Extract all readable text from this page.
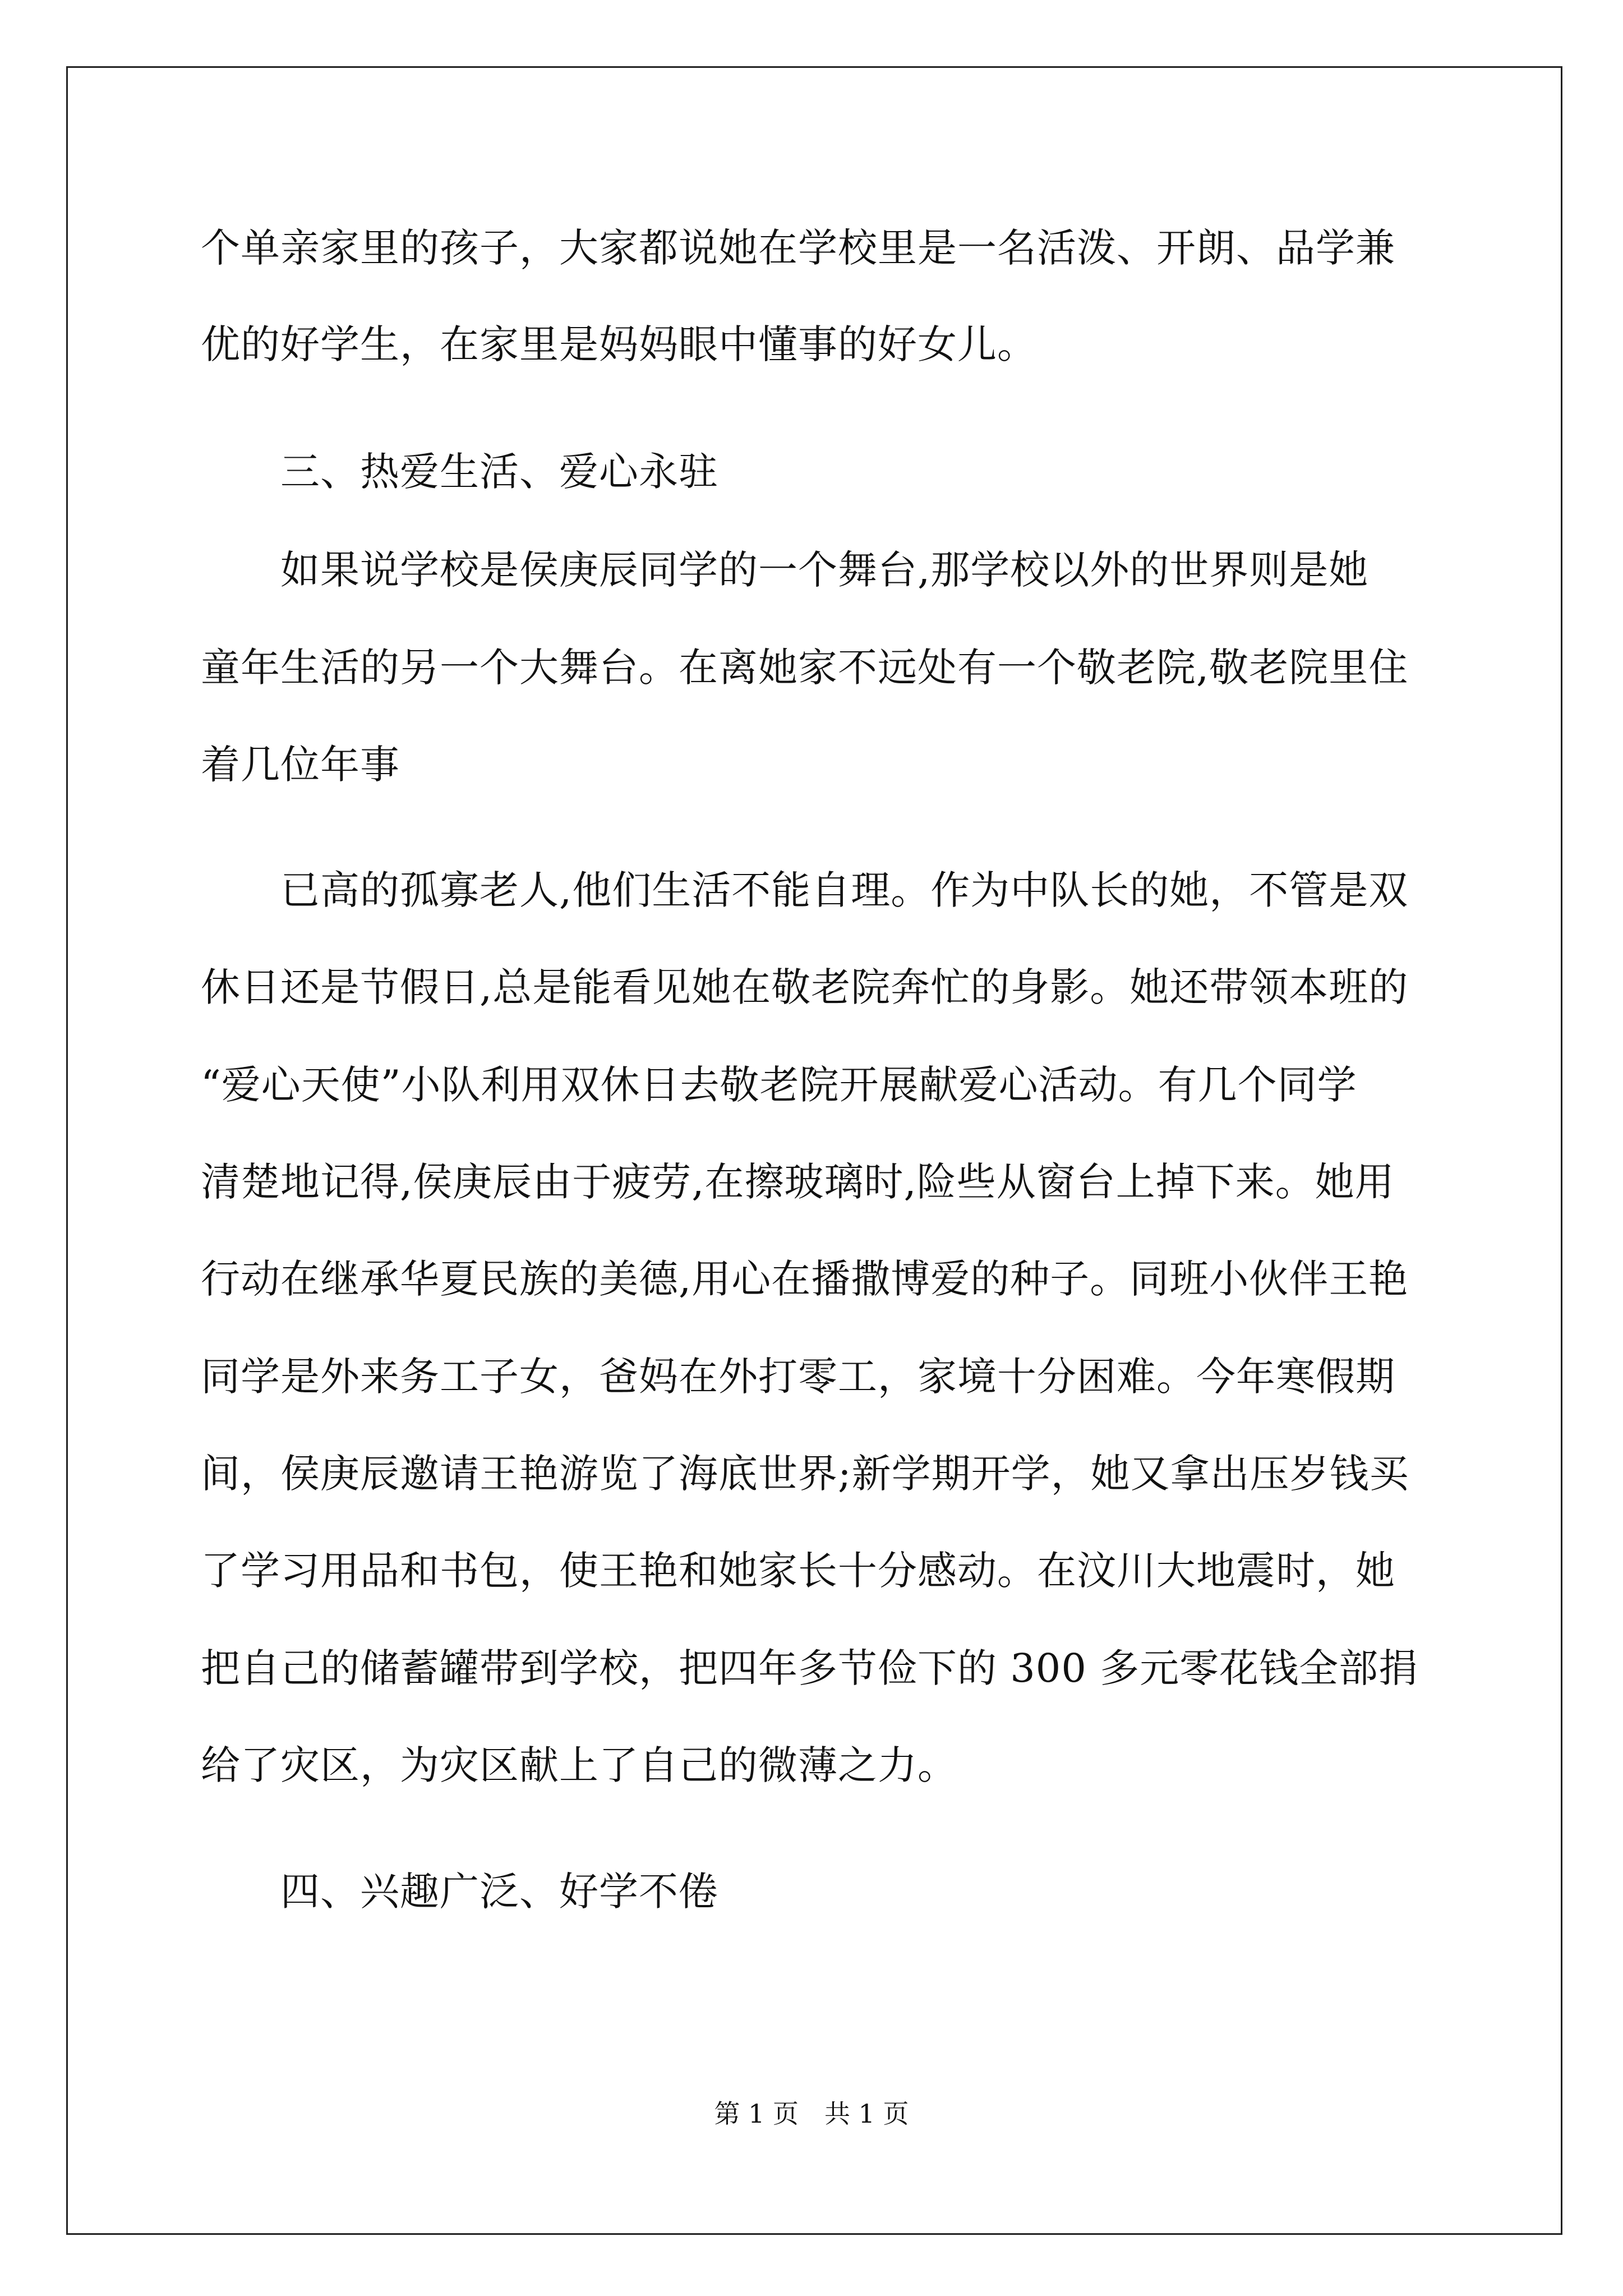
个单亲家里的孩子，大家都说她在学校里是一名活泼、开朗、品学兼
优的好学生，在家里是妈妈眼中懂事的好女儿。
　　三、热爱生活、爱心永驻
　　如果说学校是侯庚辰同学的一个舞台,那学校以外的世界则是她
童年生活的另一个大舞台。在离她家不远处有一个敬老院,敬老院里住
着几位年事
　　已高的孤寡老人,他们生活不能自理。作为中队长的她，不管是双
休日还是节假日,总是能看见她在敬老院奔忙的身影。她还带领本班的
“爱心天使”小队利用双休日去敬老院开展献爱心活动。有几个同学
清楚地记得,侯庚辰由于疲劳,在擦玻璃时,险些从窗台上掉下来。她用
行动在继承华夏民族的美德,用心在播撒博爱的种子。同班小伙伴王艳
同学是外来务工子女，爸妈在外打零工，家境十分困难。今年寒假期
间，侯庚辰邀请王艳游览了海底世界;新学期开学，她又拿出压岁钱买
了学习用品和书包，使王艳和她家长十分感动。在汶川大地震时，她
把自己的储蓄罐带到学校，把四年多节俭下的 300 多元零花钱全部捐
给了灾区，为灾区献上了自己的微薄之力。
　　四、兴趣广泛、好学不倦
第 1 页　共 1 页
